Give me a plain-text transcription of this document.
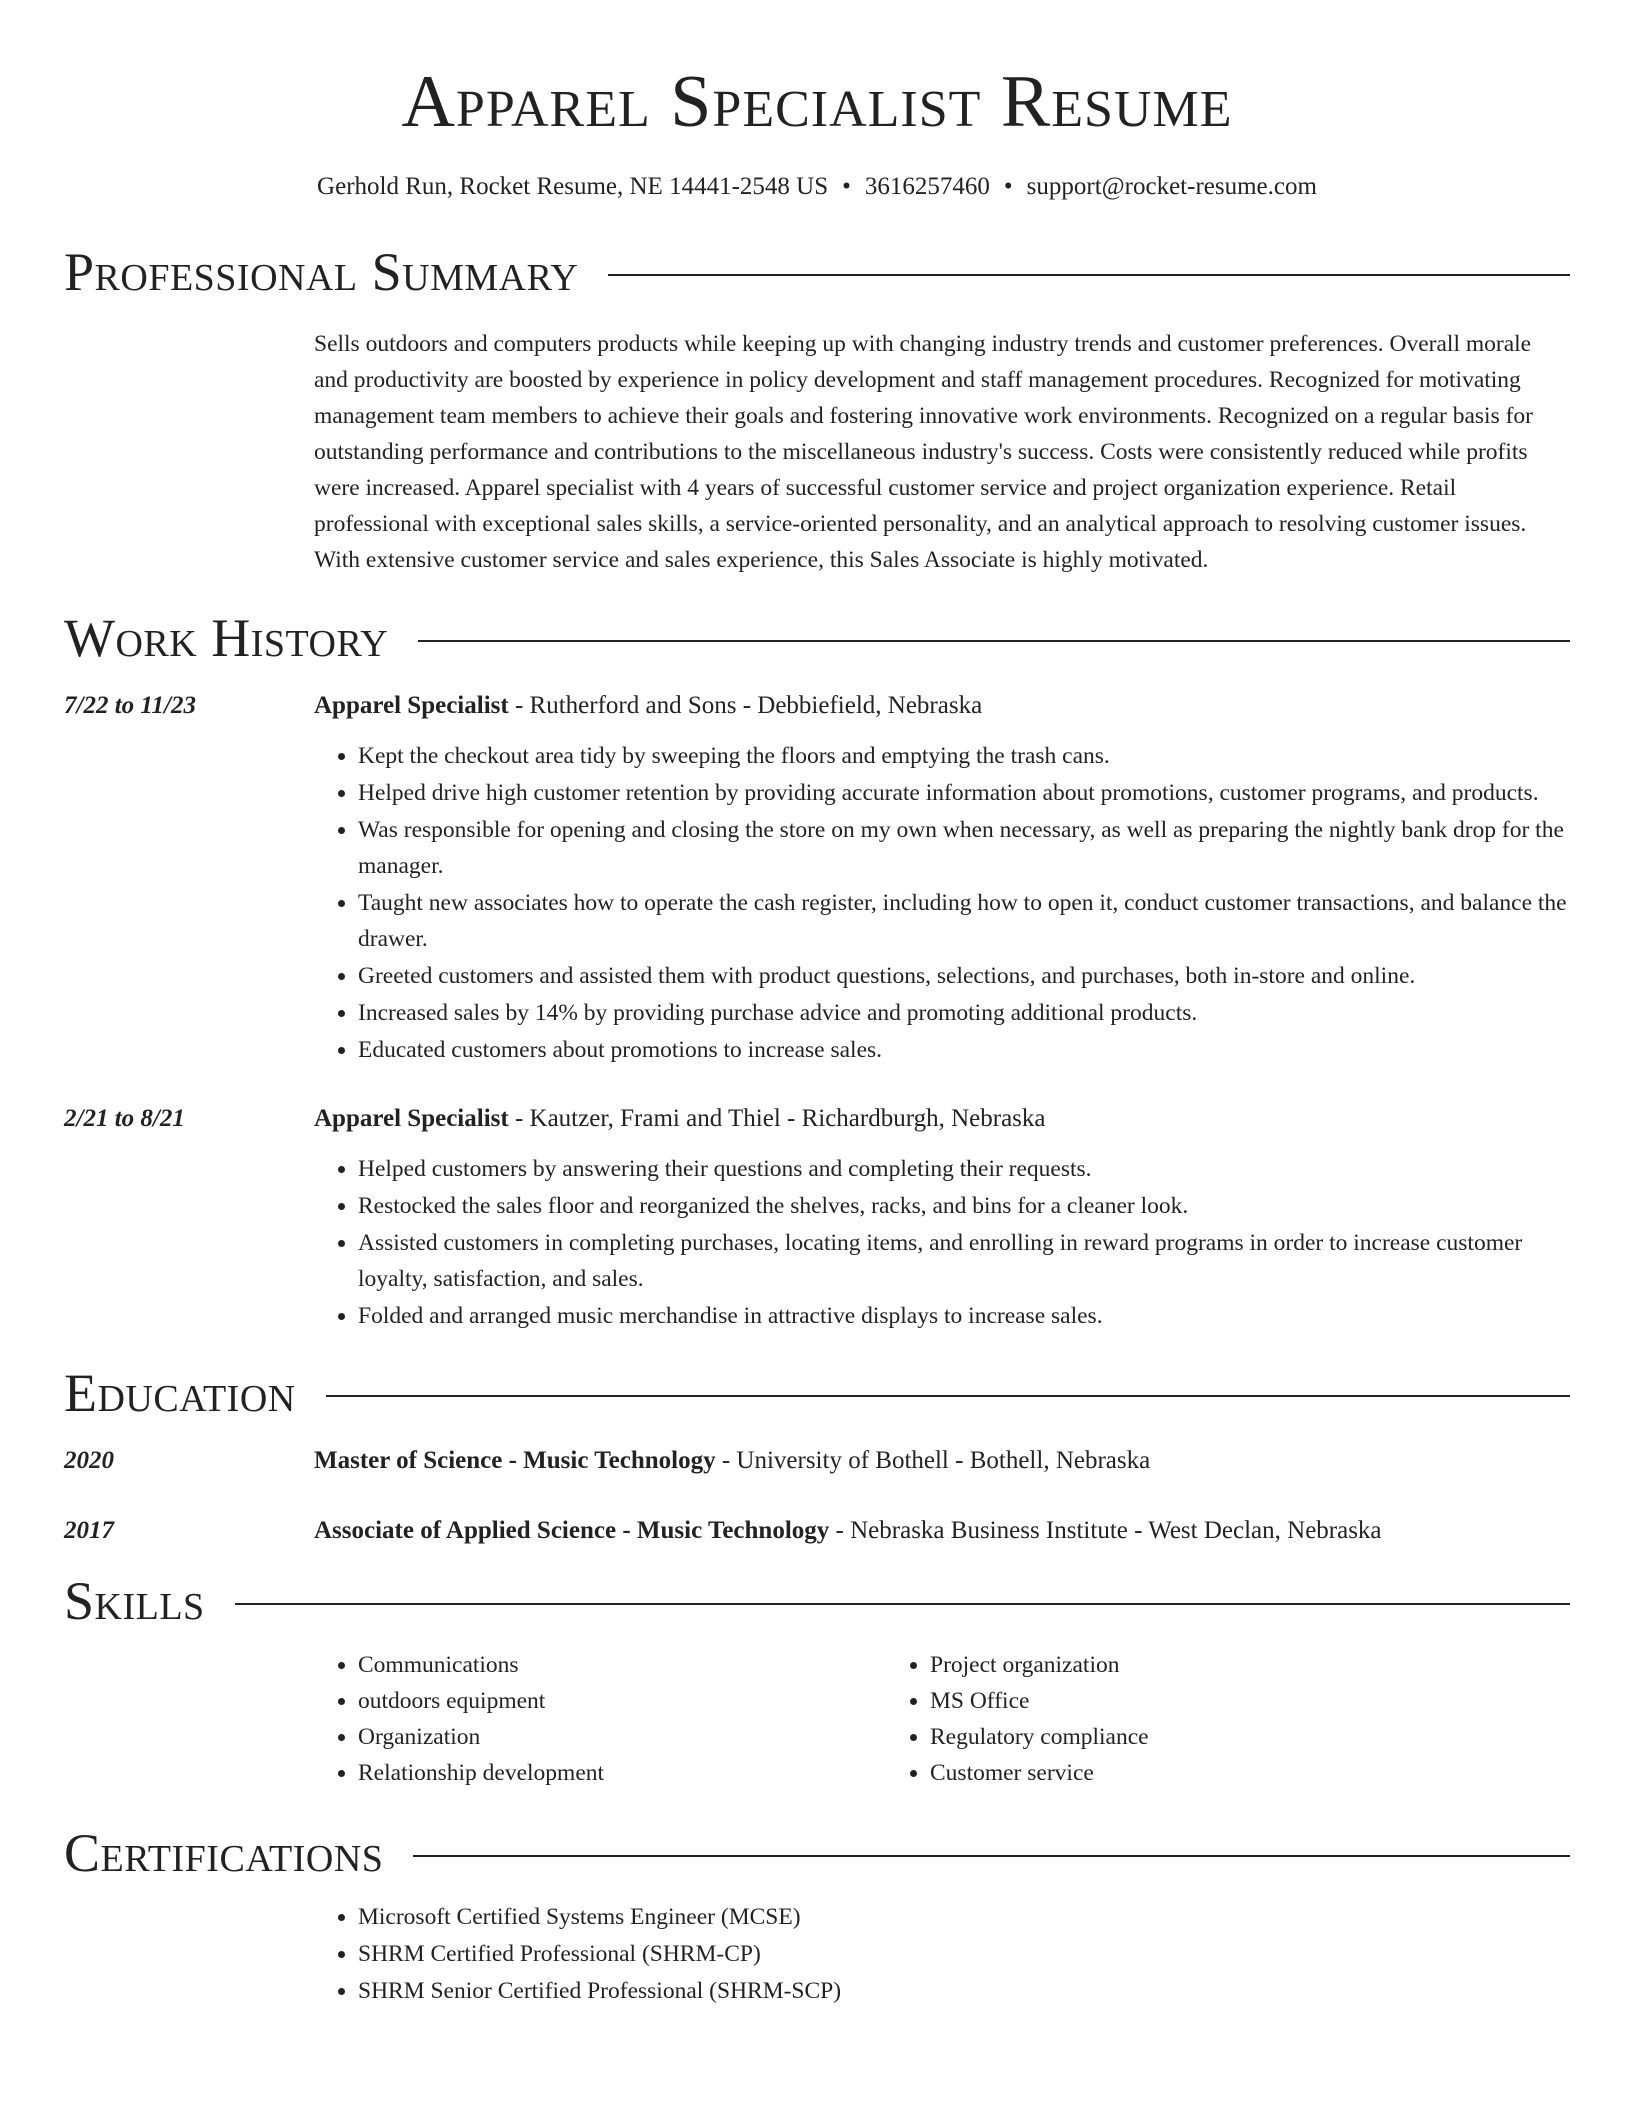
Apparel Specialist Resume
Gerhold Run, Rocket Resume, NE 14441-2548 US • 3616257460 • support@rocket-resume.com
Professional Summary

Sells outdoors and computers products while keeping up with changing industry trends and customer preferences. Overall morale and productivity are boosted by experience in policy development and staff management procedures. Recognized for motivating management team members to achieve their goals and fostering innovative work environments. Recognized on a regular basis for outstanding performance and contributions to the miscellaneous industry's success. Costs were consistently reduced while profits were increased. Apparel specialist with 4 years of successful customer service and project organization experience. Retail professional with exceptional sales skills, a service-oriented personality, and an analytical approach to resolving customer issues. With extensive customer service and sales experience, this Sales Associate is highly motivated.

Work History
7/22 to 11/23	Apparel Specialist - Rutherford and Sons - Debbiefield, Nebraska
• Kept the checkout area tidy by sweeping the floors and emptying the trash cans.
• Helped drive high customer retention by providing accurate information about promotions, customer programs, and products.
• Was responsible for opening and closing the store on my own when necessary, as well as preparing the nightly bank drop for the manager.
• Taught new associates how to operate the cash register, including how to open it, conduct customer transactions, and balance the drawer.
• Greeted customers and assisted them with product questions, selections, and purchases, both in-store and online.
• Increased sales by 14% by providing purchase advice and promoting additional products.
• Educated customers about promotions to increase sales.
2/21 to 8/21	Apparel Specialist - Kautzer, Frami and Thiel - Richardburgh, Nebraska
• Helped customers by answering their questions and completing their requests.
• Restocked the sales floor and reorganized the shelves, racks, and bins for a cleaner look.
• Assisted customers in completing purchases, locating items, and enrolling in reward programs in order to increase customer loyalty, satisfaction, and sales.
• Folded and arranged music merchandise in attractive displays to increase sales.
Education
2020	Master of Science - Music Technology - University of Bothell - Bothell, Nebraska
2017	Associate of Applied Science - Music Technology - Nebraska Business Institute - West Declan, Nebraska
Skills
• Communications
• outdoors equipment
• Organization
• Relationship development
• Project organization
• MS Office
• Regulatory compliance
• Customer service
Certifications
• Microsoft Certified Systems Engineer (MCSE)
• SHRM Certified Professional (SHRM-CP)
• SHRM Senior Certified Professional (SHRM-SCP)
